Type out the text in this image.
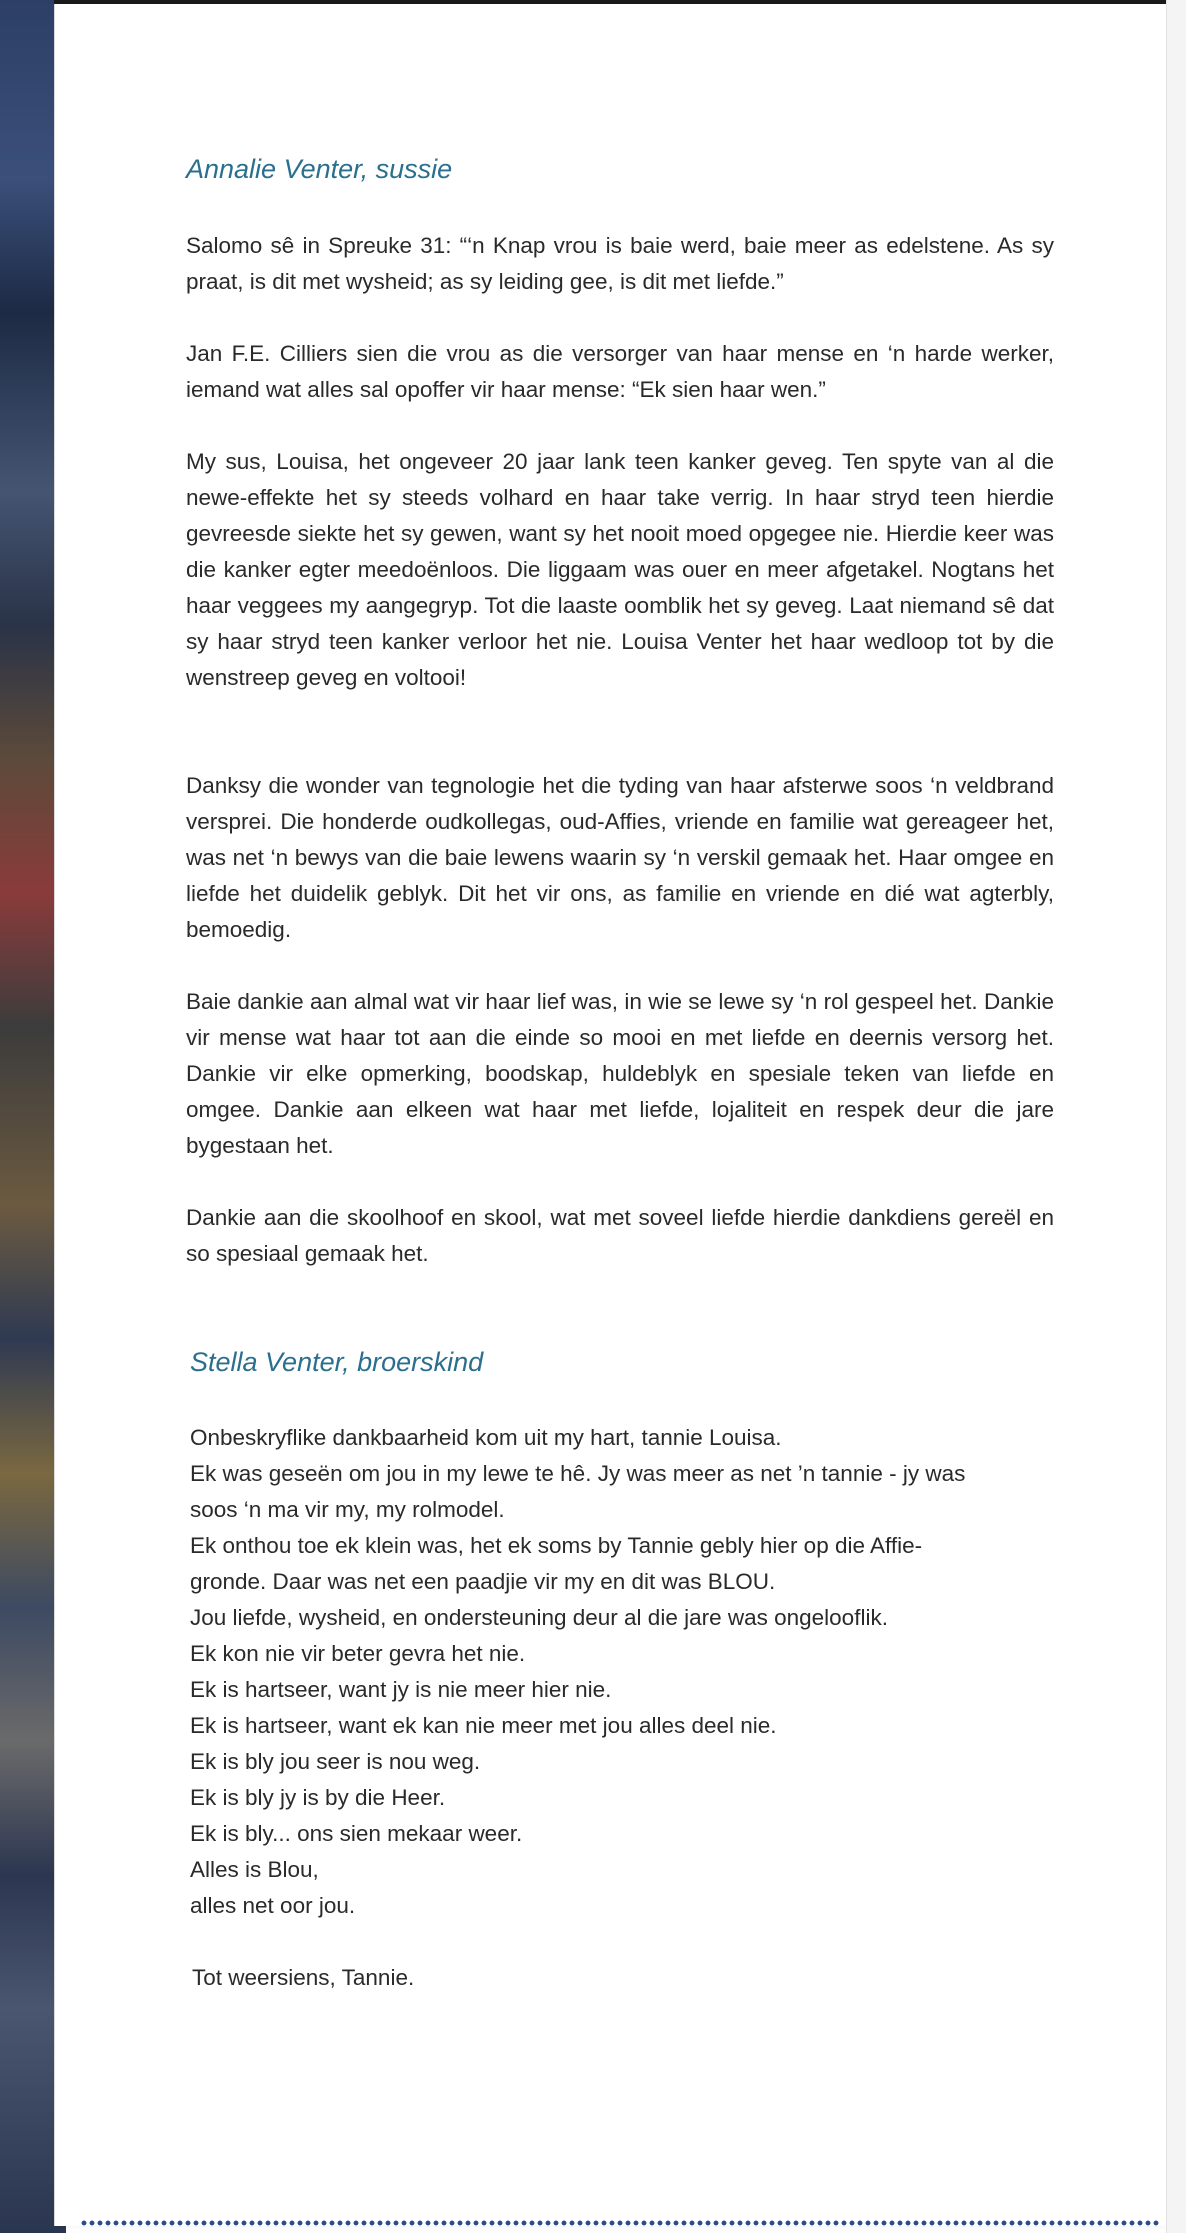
Annalie Venter, sussie

Salomo sê in Spreuke 31: “‘n Knap vrou is baie werd, baie meer as edelstene. As sy praat, is dit met wysheid; as sy leiding gee, is dit met liefde.”

Jan F.E. Cilliers sien die vrou as die versorger van haar mense en ‘n harde werker, iemand wat alles sal opoffer vir haar mense: “Ek sien haar wen.”

My sus, Louisa, het ongeveer 20 jaar lank teen kanker geveg. Ten spyte van al die newe-effekte het sy steeds volhard en haar take verrig. In haar stryd teen hierdie gevreesde siekte het sy gewen, want sy het nooit moed opgegee nie. Hierdie keer was die kanker egter meedoënloos. Die liggaam was ouer en meer afgetakel. Nogtans het haar veggees my aangegryp. Tot die laaste oomblik het sy geveg. Laat niemand sê dat sy haar stryd teen kanker verloor het nie. Louisa Venter het haar wedloop tot by die wenstreep geveg en voltooi!

Danksy die wonder van tegnologie het die tyding van haar afsterwe soos ‘n veldbrand versprei. Die honderde oudkollegas, oud-Affies, vriende en familie wat gereageer het, was net ‘n bewys van die baie lewens waarin sy ‘n verskil gemaak het. Haar omgee en liefde het duidelik geblyk. Dit het vir ons, as familie en vriende en dié wat agterbly, bemoedig.

Baie dankie aan almal wat vir haar lief was, in wie se lewe sy ‘n rol gespeel het. Dankie vir mense wat haar tot aan die einde so mooi en met liefde en deernis versorg het. Dankie vir elke opmerking, boodskap, huldeblyk en spesiale teken van liefde en omgee. Dankie aan elkeen wat haar met liefde, lojaliteit en respek deur die jare bygestaan het.

Dankie aan die skoolhoof en skool, wat met soveel liefde hierdie dankdiens gereël en so spesiaal gemaak het.

Stella Venter, broerskind

Onbeskryflike dankbaarheid kom uit my hart, tannie Louisa.

Ek was geseën om jou in my lewe te hê. Jy was meer as net ’n tannie - jy was

soos ‘n ma vir my, my rolmodel.

Ek onthou toe ek klein was, het ek soms by Tannie gebly hier op die Affie-

gronde. Daar was net een paadjie vir my en dit was BLOU.

Jou liefde, wysheid, en ondersteuning deur al die jare was ongelooflik.

Ek kon nie vir beter gevra het nie.

Ek is hartseer, want jy is nie meer hier nie.

Ek is hartseer, want ek kan nie meer met jou alles deel nie.

Ek is bly jou seer is nou weg.

Ek is bly jy is by die Heer.

Ek is bly... ons sien mekaar weer.

Alles is Blou,

alles net oor jou.

Tot weersiens, Tannie.
